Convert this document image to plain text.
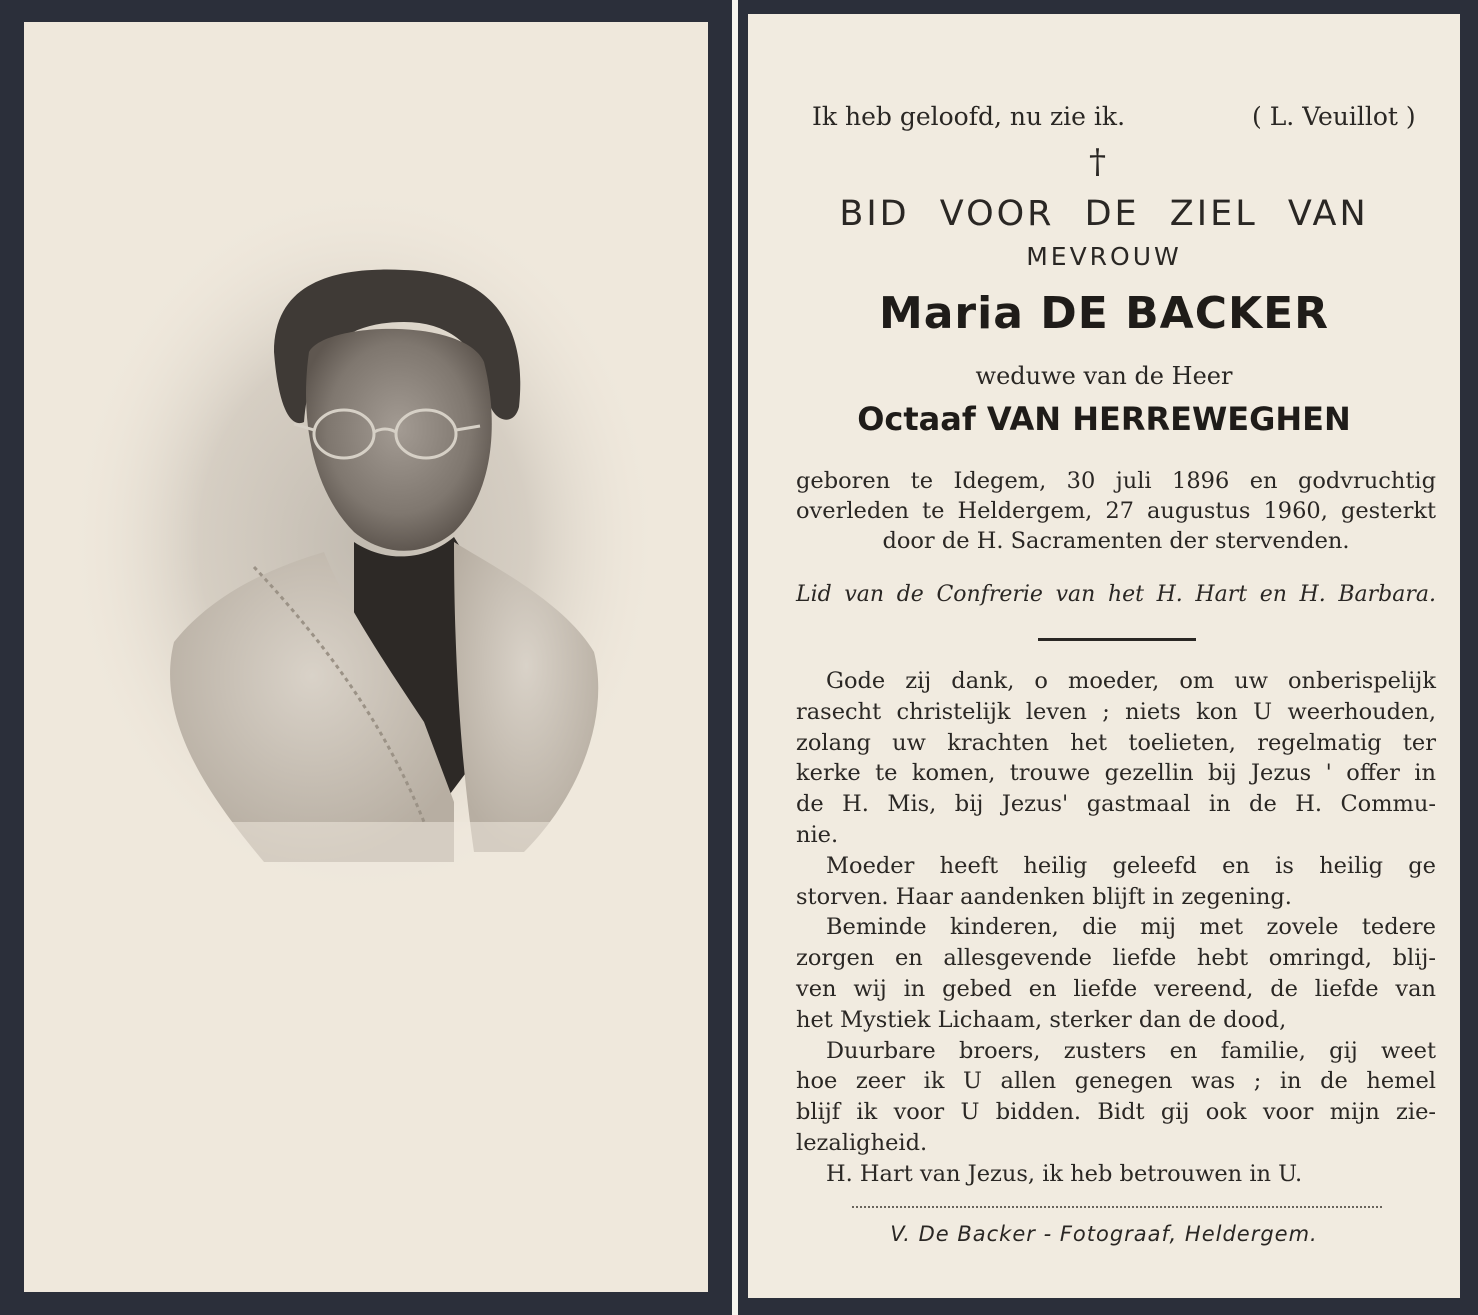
Ik heb geloofd, nu zie ik.	( L. Veuillot )
†
BID VOOR DE ZIEL VAN
MEVROUW
Maria DE BACKER
weduwe van de Heer
Octaaf VAN HERREWEGHEN
geboren te Idegem, 30 juli 1896 en godvruchtig
overleden te Heldergem, 27 augustus 1960, gesterkt
door de H. Sacramenten der stervenden.
Lid van de Confrerie van het H. Hart en H. Barbara.
Gode zij dank, o moeder, om uw onberispelijk
rasecht christelijk leven ; niets kon U weerhouden,
zolang uw krachten het toelieten, regelmatig ter
kerke te komen, trouwe gezellin bij Jezus ' offer in
de H. Mis, bij Jezus' gastmaal in de H. Commu-
nie.
Moeder heeft heilig geleefd en is heilig ge
storven. Haar aandenken blijft in zegening.
Beminde kinderen, die mij met zovele tedere
zorgen en allesgevende liefde hebt omringd, blij-
ven wij in gebed en liefde vereend, de liefde van
het Mystiek Lichaam, sterker dan de dood,
Duurbare broers, zusters en familie, gij weet
hoe zeer ik U allen genegen was ; in de hemel
blijf ik voor U bidden. Bidt gij ook voor mijn zie-
lezaligheid.
H. Hart van Jezus, ik heb betrouwen in U.
V. De Backer - Fotograaf, Heldergem.
